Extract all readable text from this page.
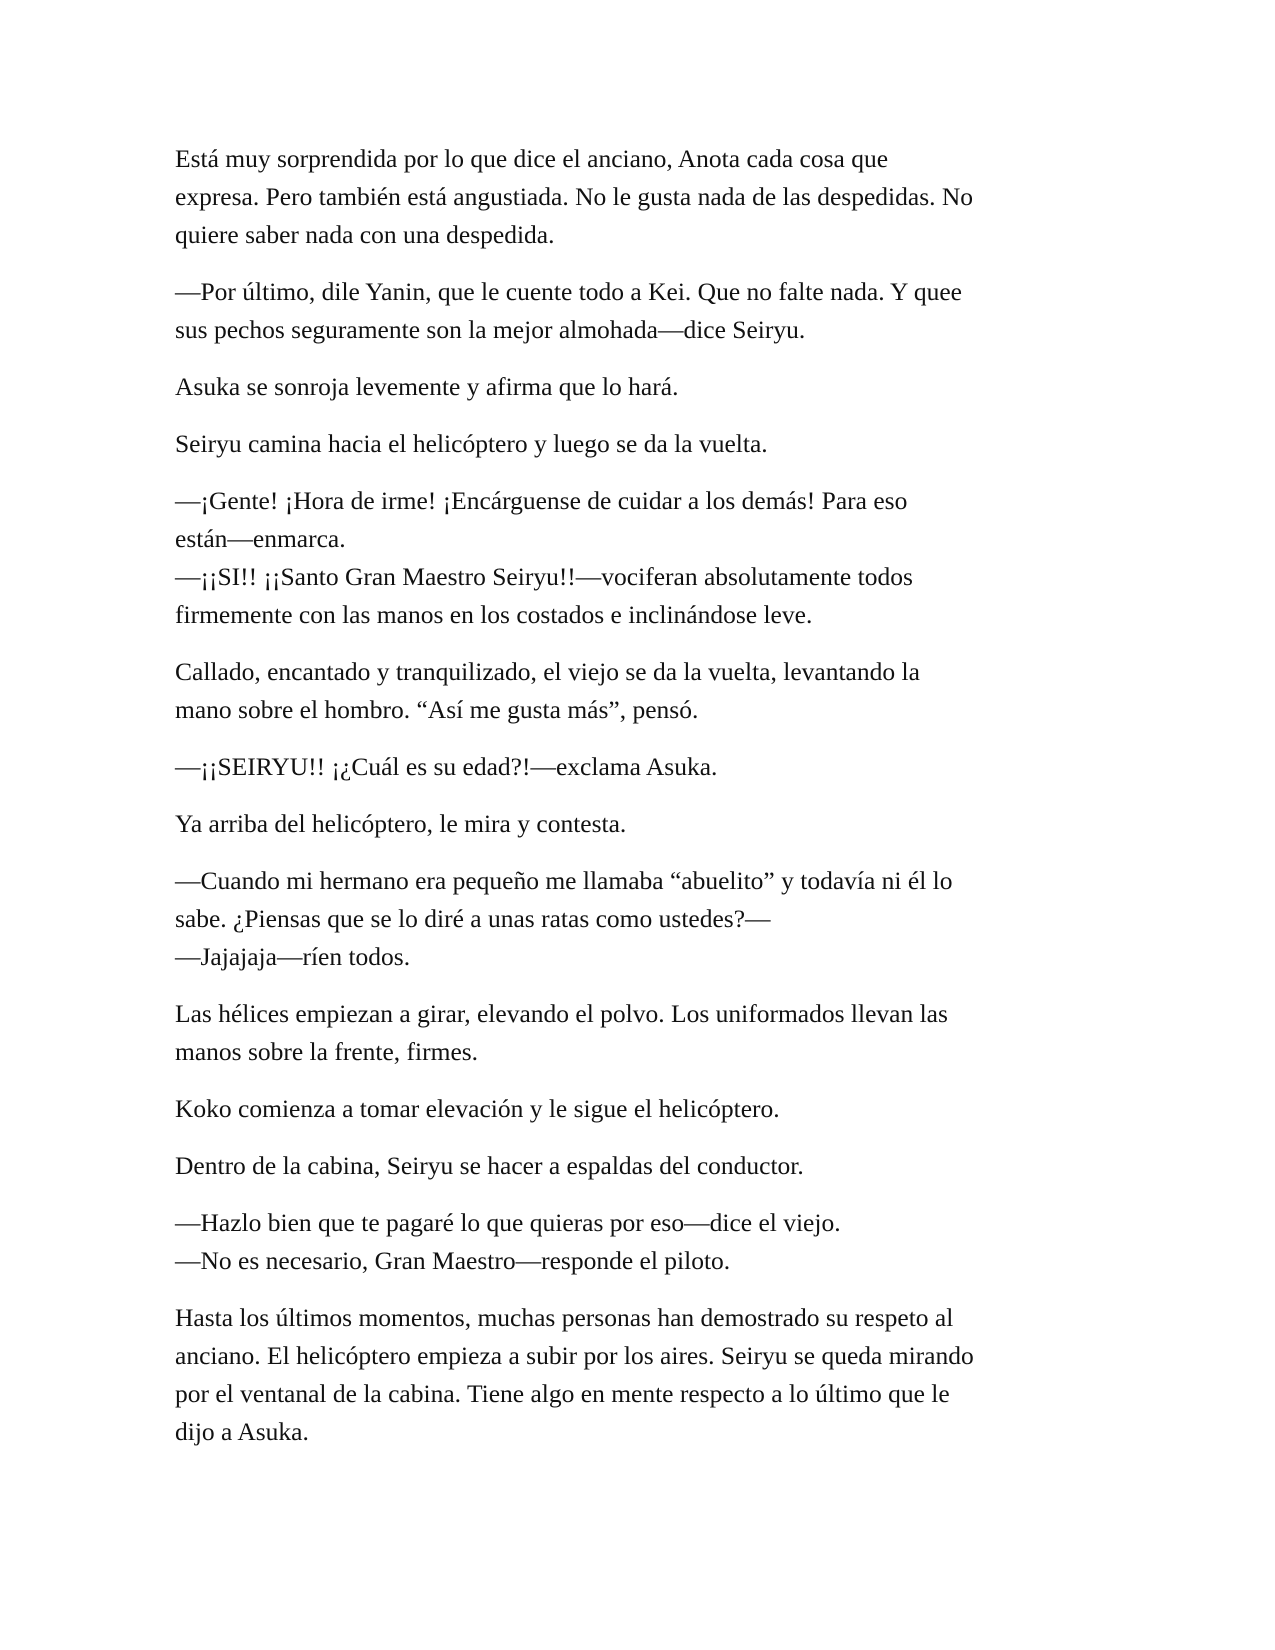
Está muy sorprendida por lo que dice el anciano, Anota cada cosa que
expresa. Pero también está angustiada. No le gusta nada de las despedidas. No
quiere saber nada con una despedida.

—Por último, dile Yanin, que le cuente todo a Kei. Que no falte nada. Y quee
sus pechos seguramente son la mejor almohada—dice Seiryu.

Asuka se sonroja levemente y afirma que lo hará.

Seiryu camina hacia el helicóptero y luego se da la vuelta.

—¡Gente! ¡Hora de irme! ¡Encárguense de cuidar a los demás! Para eso
están—enmarca.
—¡¡SI!! ¡¡Santo Gran Maestro Seiryu!!—vociferan absolutamente todos
firmemente con las manos en los costados e inclinándose leve.

Callado, encantado y tranquilizado, el viejo se da la vuelta, levantando la
mano sobre el hombro. “Así me gusta más”, pensó.

—¡¡SEIRYU!! ¡¿Cuál es su edad?!—exclama Asuka.

Ya arriba del helicóptero, le mira y contesta.

—Cuando mi hermano era pequeño me llamaba “abuelito” y todavía ni él lo
sabe. ¿Piensas que se lo diré a unas ratas como ustedes?—
—Jajajaja—ríen todos.

Las hélices empiezan a girar, elevando el polvo. Los uniformados llevan las
manos sobre la frente, firmes.

Koko comienza a tomar elevación y le sigue el helicóptero.

Dentro de la cabina, Seiryu se hacer a espaldas del conductor.

—Hazlo bien que te pagaré lo que quieras por eso—dice el viejo.
—No es necesario, Gran Maestro—responde el piloto.

Hasta los últimos momentos, muchas personas han demostrado su respeto al
anciano. El helicóptero empieza a subir por los aires. Seiryu se queda mirando
por el ventanal de la cabina. Tiene algo en mente respecto a lo último que le
dijo a Asuka.
